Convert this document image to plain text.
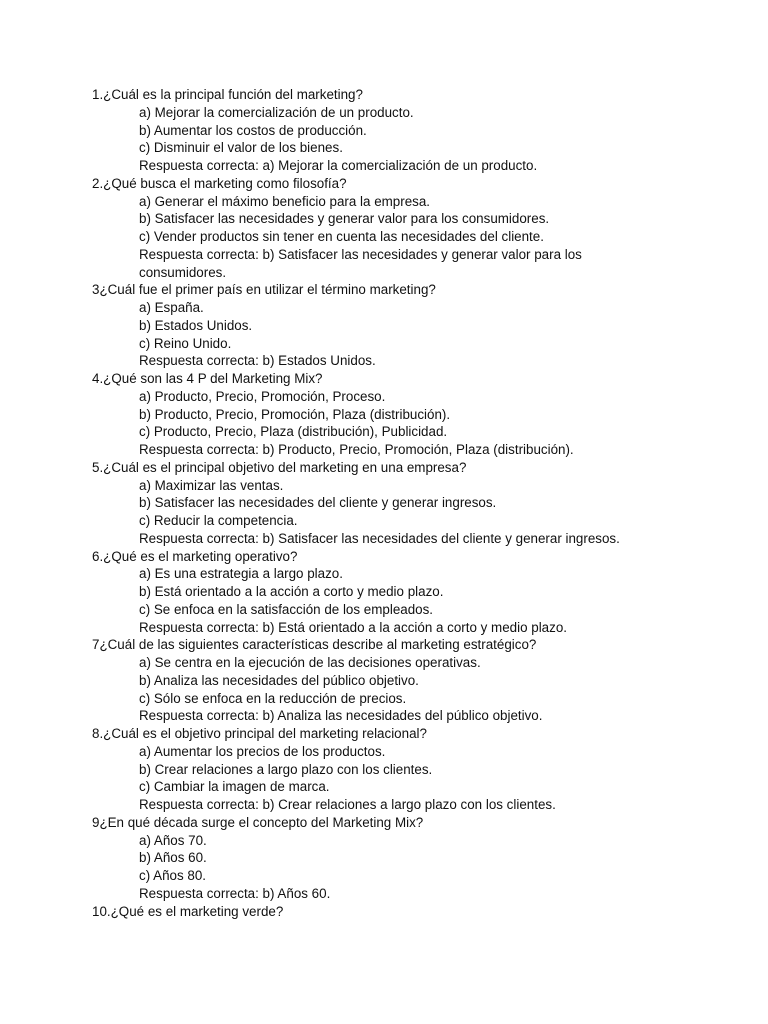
1.¿Cuál es la principal función del marketing?
a) Mejorar la comercialización de un producto.
b) Aumentar los costos de producción.
c) Disminuir el valor de los bienes.
Respuesta correcta: a) Mejorar la comercialización de un producto.
2.¿Qué busca el marketing como filosofía?
a) Generar el máximo beneficio para la empresa.
b) Satisfacer las necesidades y generar valor para los consumidores.
c) Vender productos sin tener en cuenta las necesidades del cliente.
Respuesta correcta: b) Satisfacer las necesidades y generar valor para los consumidores.
3¿Cuál fue el primer país en utilizar el término marketing?
a) España.
b) Estados Unidos.
c) Reino Unido.
Respuesta correcta: b) Estados Unidos.
4.¿Qué son las 4 P del Marketing Mix?
a) Producto, Precio, Promoción, Proceso.
b) Producto, Precio, Promoción, Plaza (distribución).
c) Producto, Precio, Plaza (distribución), Publicidad.
Respuesta correcta: b) Producto, Precio, Promoción, Plaza (distribución).
5.¿Cuál es el principal objetivo del marketing en una empresa?
a) Maximizar las ventas.
b) Satisfacer las necesidades del cliente y generar ingresos.
c) Reducir la competencia.
Respuesta correcta: b) Satisfacer las necesidades del cliente y generar ingresos.
6.¿Qué es el marketing operativo?
a) Es una estrategia a largo plazo.
b) Está orientado a la acción a corto y medio plazo.
c) Se enfoca en la satisfacción de los empleados.
Respuesta correcta: b) Está orientado a la acción a corto y medio plazo.
7¿Cuál de las siguientes características describe al marketing estratégico?
a) Se centra en la ejecución de las decisiones operativas.
b) Analiza las necesidades del público objetivo.
c) Sólo se enfoca en la reducción de precios.
Respuesta correcta: b) Analiza las necesidades del público objetivo.
8.¿Cuál es el objetivo principal del marketing relacional?
a) Aumentar los precios de los productos.
b) Crear relaciones a largo plazo con los clientes.
c) Cambiar la imagen de marca.
Respuesta correcta: b) Crear relaciones a largo plazo con los clientes.
9¿En qué década surge el concepto del Marketing Mix?
a) Años 70.
b) Años 60.
c) Años 80.
Respuesta correcta: b) Años 60.
10.¿Qué es el marketing verde?
